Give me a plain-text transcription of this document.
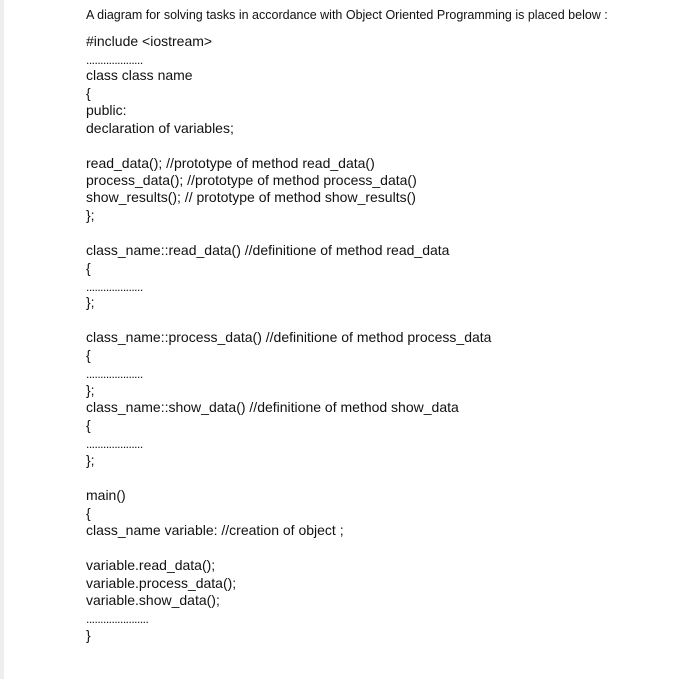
A diagram for solving tasks in accordance with Object Oriented Programming is placed below :
#include <iostream>
....................
class class name
{
public:
declaration of variables;
read_data(); //prototype of method read_data()
process_data(); //prototype of method process_data()
show_results(); // prototype of method show_results()
};
class_name::read_data() //definitione of method read_data
{
....................
};
class_name::process_data() //definitione of method process_data
{
....................
};
class_name::show_data() //definitione of method show_data
{
....................
};
main()
{
class_name variable: //creation of object ;
variable.read_data();
variable.process_data();
variable.show_data();
......................
}
